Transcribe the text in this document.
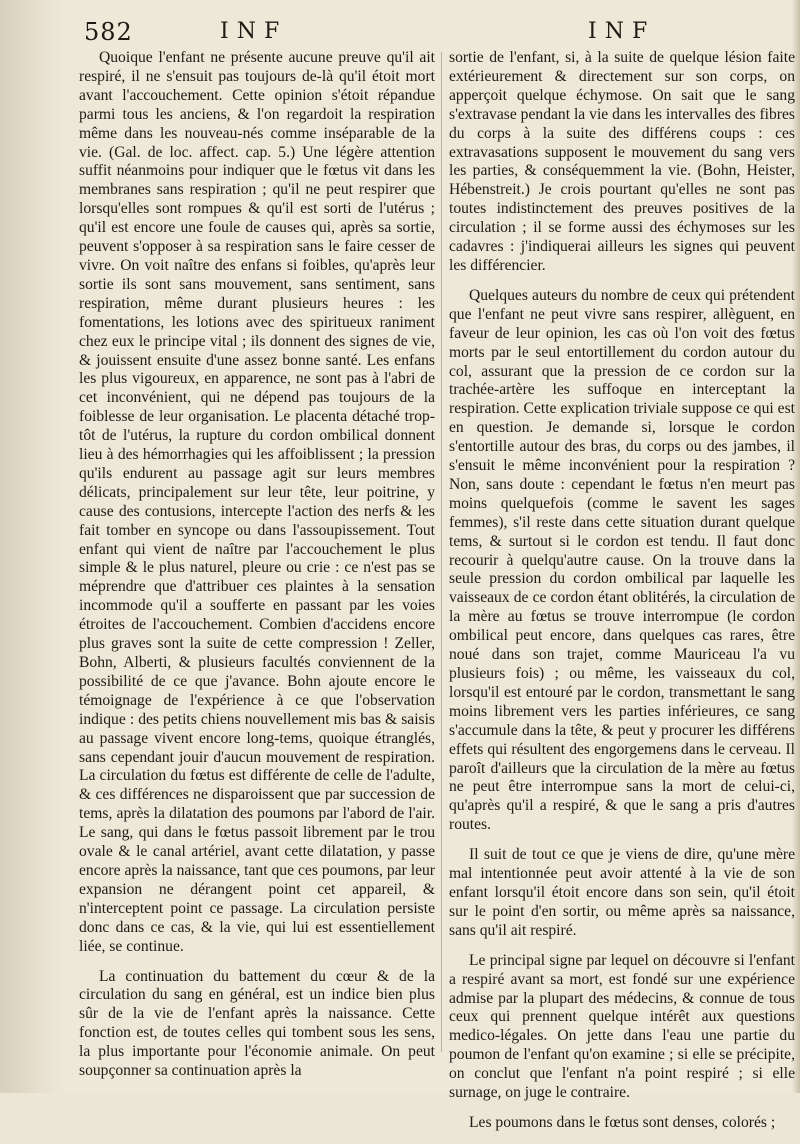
582	INF	INF

Quoique l'enfant ne présente aucune preuve qu'il ait respiré, il ne s'ensuit pas toujours de-là qu'il étoit mort avant l'accouchement. Cette opinion s'étoit répandue parmi tous les anciens, & l'on regardoit la respiration même dans les nouveau-nés comme inséparable de la vie. (Gal. de loc. affect. cap. 5.) Une légère attention suffit néanmoins pour indiquer que le fœtus vit dans les membranes sans respiration ; qu'il ne peut respirer que lorsqu'elles sont rompues & qu'il est sorti de l'utérus ; qu'il est encore une foule de causes qui, après sa sortie, peuvent s'opposer à sa respiration sans le faire cesser de vivre. On voit naître des enfans si foibles, qu'après leur sortie ils sont sans mouvement, sans sentiment, sans respiration, même durant plusieurs heures : les fomentations, les lotions avec des spiritueux raniment chez eux le principe vital ; ils donnent des signes de vie, & jouissent ensuite d'une assez bonne santé. Les enfans les plus vigoureux, en apparence, ne sont pas à l'abri de cet inconvénient, qui ne dépend pas toujours de la foiblesse de leur organisation. Le placenta détaché trop-tôt de l'utérus, la rupture du cordon ombilical donnent lieu à des hémorrhagies qui les affoiblissent ; la pression qu'ils endurent au passage agit sur leurs membres délicats, principalement sur leur tête, leur poitrine, y cause des contusions, intercepte l'action des nerfs & les fait tomber en syncope ou dans l'assoupissement. Tout enfant qui vient de naître par l'accouchement le plus simple & le plus naturel, pleure ou crie : ce n'est pas se méprendre que d'attribuer ces plaintes à la sensation incommode qu'il a soufferte en passant par les voies étroites de l'accouchement. Combien d'accidens encore plus graves sont la suite de cette compression ! Zeller, Bohn, Alberti, & plusieurs facultés conviennent de la possibilité de ce que j'avance. Bohn ajoute encore le témoignage de l'expérience à ce que l'observation indique : des petits chiens nouvellement mis bas & saisis au passage vivent encore long-tems, quoique étranglés, sans cependant jouir d'aucun mouvement de respiration. La circulation du fœtus est différente de celle de l'adulte, & ces différences ne disparoissent que par succession de tems, après la dilatation des poumons par l'abord de l'air. Le sang, qui dans le fœtus passoit librement par le trou ovale & le canal artériel, avant cette dilatation, y passe encore après la naissance, tant que ces poumons, par leur expansion ne dérangent point cet appareil, & n'interceptent point ce passage. La circulation persiste donc dans ce cas, & la vie, qui lui est essentiellement liée, se continue.

La continuation du battement du cœur & de la circulation du sang en général, est un indice bien plus sûr de la vie de l'enfant après la naissance. Cette fonction est, de toutes celles qui tombent sous les sens, la plus importante pour l'économie animale. On peut soupçonner sa continuation après la

sortie de l'enfant, si, à la suite de quelque lésion faite extérieurement & directement sur son corps, on apperçoit quelque échymose. On sait que le sang s'extravase pendant la vie dans les intervalles des fibres du corps à la suite des différens coups : ces extravasations supposent le mouvement du sang vers les parties, & conséquemment la vie. (Bohn, Heister, Hébenstreit.) Je crois pourtant qu'elles ne sont pas toutes indistinctement des preuves positives de la circulation ; il se forme aussi des échymoses sur les cadavres : j'indiquerai ailleurs les signes qui peuvent les différencier.

Quelques auteurs du nombre de ceux qui prétendent que l'enfant ne peut vivre sans respirer, allèguent, en faveur de leur opinion, les cas où l'on voit des fœtus morts par le seul entortillement du cordon autour du col, assurant que la pression de ce cordon sur la trachée-artère les suffoque en interceptant la respiration. Cette explication triviale suppose ce qui est en question. Je demande si, lorsque le cordon s'entortille autour des bras, du corps ou des jambes, il s'ensuit le même inconvénient pour la respiration ? Non, sans doute : cependant le fœtus n'en meurt pas moins quelquefois (comme le savent les sages femmes), s'il reste dans cette situation durant quelque tems, & surtout si le cordon est tendu. Il faut donc recourir à quelqu'autre cause. On la trouve dans la seule pression du cordon ombilical par laquelle les vaisseaux de ce cordon étant oblitérés, la circulation de la mère au fœtus se trouve interrompue (le cordon ombilical peut encore, dans quelques cas rares, être noué dans son trajet, comme Mauriceau l'a vu plusieurs fois) ; ou même, les vaisseaux du col, lorsqu'il est entouré par le cordon, transmettant le sang moins librement vers les parties inférieures, ce sang s'accumule dans la tête, & peut y procurer les différens effets qui résultent des engorgemens dans le cerveau. Il paroît d'ailleurs que la circulation de la mère au fœtus ne peut être interrompue sans la mort de celui-ci, qu'après qu'il a respiré, & que le sang a pris d'autres routes.

Il suit de tout ce que je viens de dire, qu'une mère mal intentionnée peut avoir attenté à la vie de son enfant lorsqu'il étoit encore dans son sein, qu'il étoit sur le point d'en sortir, ou même après sa naissance, sans qu'il ait respiré.

Le principal signe par lequel on découvre si l'enfant a respiré avant sa mort, est fondé sur une expérience admise par la plupart des médecins, & connue de tous ceux qui prennent quelque intérêt aux questions medico-légales. On jette dans l'eau une partie du poumon de l'enfant qu'on examine ; si elle se précipite, on conclut que l'enfant n'a point respiré ; si elle surnage, on juge le contraire.

Les poumons dans le fœtus sont denses, colorés ;
